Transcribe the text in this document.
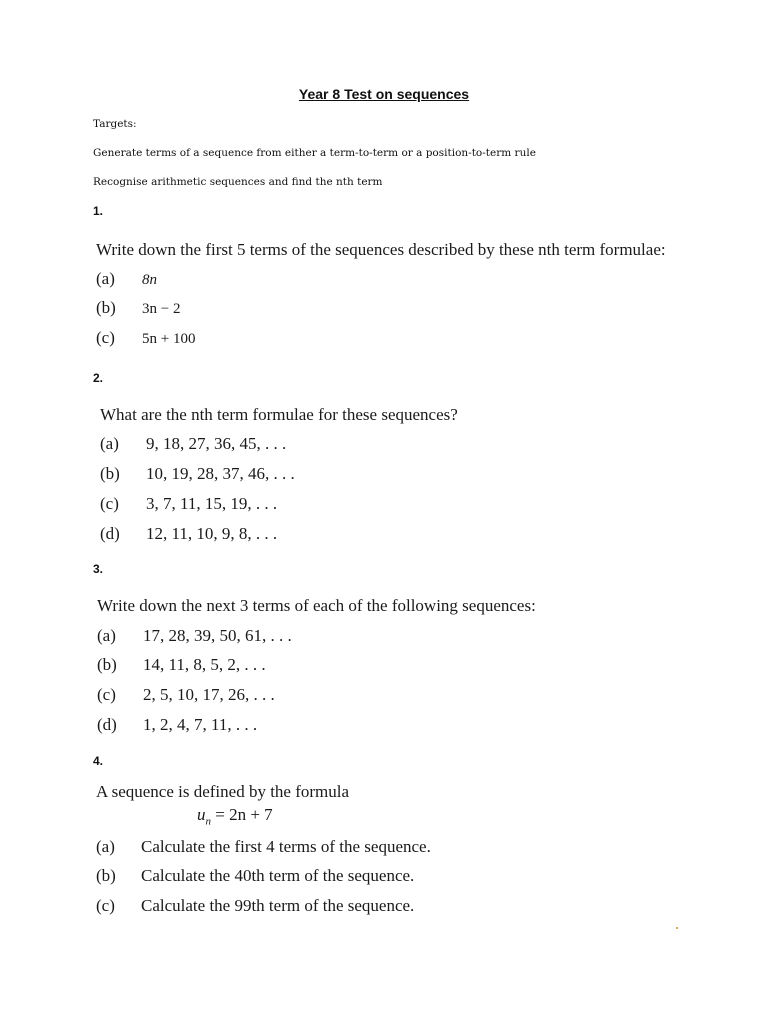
Year 8 Test on sequences
Targets:
Generate terms of a sequence from either a term-to-term or a position-to-term rule
Recognise arithmetic sequences and find the nth term
1.
Write down the first 5 terms of the sequences described by these nth term formulae:
(a) 8n
(b) 3n − 2
(c) 5n + 100
2.
What are the nth term formulae for these sequences?
(a) 9, 18, 27, 36, 45, . . .
(b) 10, 19, 28, 37, 46, . . .
(c) 3, 7, 11, 15, 19, . . .
(d) 12, 11, 10, 9, 8, . . .
3.
Write down the next 3 terms of each of the following sequences:
(a) 17, 28, 39, 50, 61, . . .
(b) 14, 11, 8, 5, 2, . . .
(c) 2, 5, 10, 17, 26, . . .
(d) 1, 2, 4, 7, 11, . . .
4.
A sequence is defined by the formula
$u_n = 2n + 7$
(a) Calculate the first 4 terms of the sequence.
(b) Calculate the 40th term of the sequence.
(c) Calculate the 99th term of the sequence.
